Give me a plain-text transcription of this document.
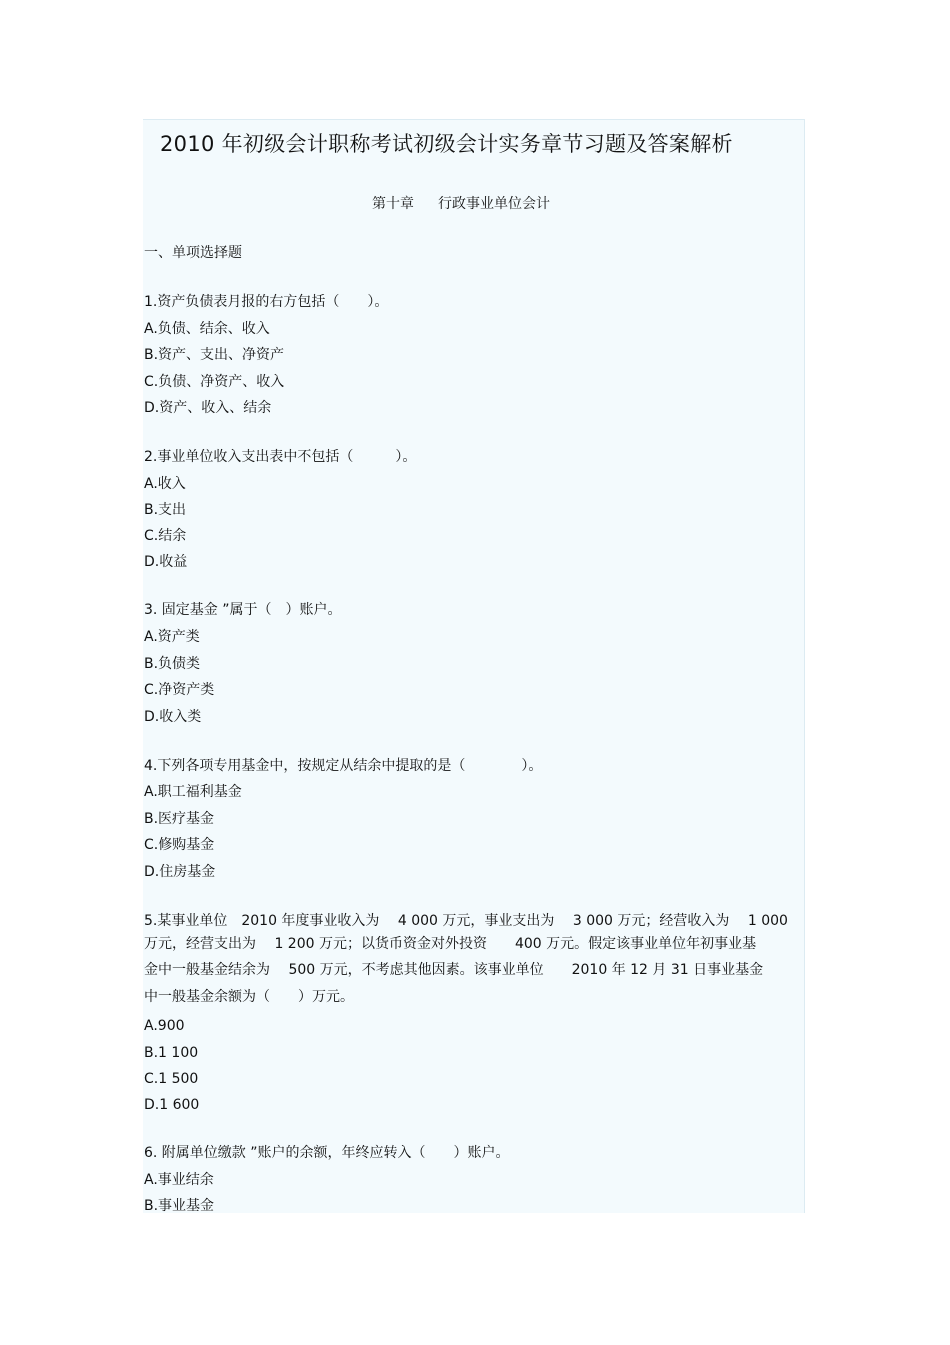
2010 年初级会计职称考试初级会计实务章节习题及答案解析
第十章 行政事业单位会计
一、单项选择题
1.资产负债表月报的右方包括（　　）。
A.负债、结余、收入
B.资产、支出、净资产
C.负债、净资产、收入
D.资产、收入、结余
2.事业单位收入支出表中不包括（　　　）。
A.收入
B.支出
C.结余
D.收益
3. 固定基金 ”属于（　）账户。
A.资产类
B.负债类
C.净资产类
D.收入类
4.下列各项专用基金中，按规定从结余中提取的是（　　　　）。
A.职工福利基金
B.医疗基金
C.修购基金
D.住房基金
5.某事业单位　2010 年度事业收入为　 4 000 万元，事业支出为　 3 000 万元；经营收入为　 1 000
万元，经营支出为　 1 200 万元；以货币资金对外投资　　400 万元。假定该事业单位年初事业基
金中一般基金结余为　 500 万元，不考虑其他因素。该事业单位　　2010 年 12 月 31 日事业基金
中一般基金余额为（　　）万元。
A.900
B.1 100
C.1 500
D.1 600
6. 附属单位缴款 ”账户的余额，年终应转入（　　）账户。
A.事业结余
B.事业基金
